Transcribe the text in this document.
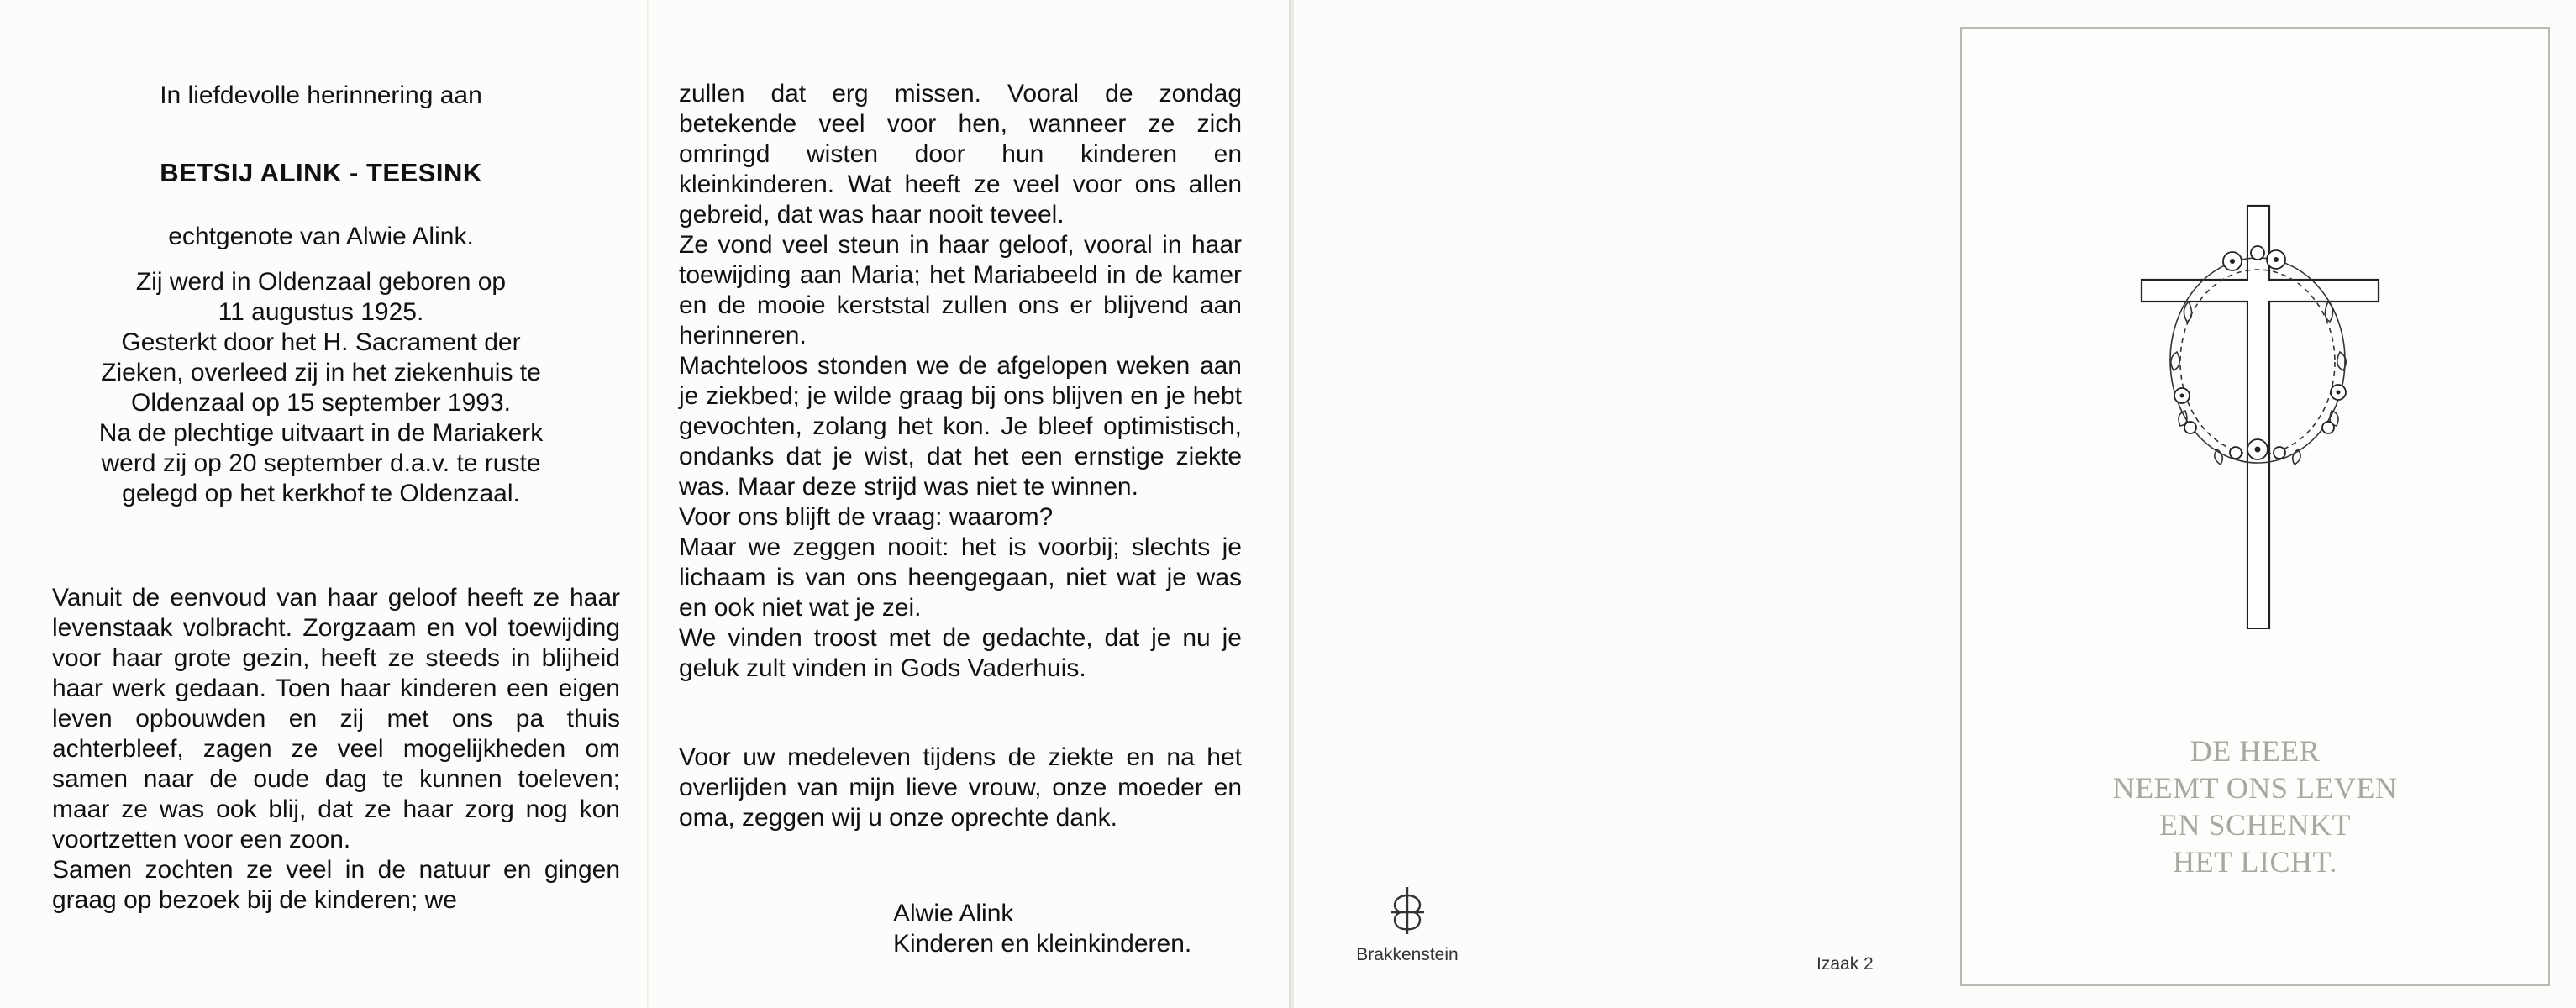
In liefdevolle herinnering aan

BETSIJ ALINK - TEESINK

echtgenote van Alwie Alink.

Zij werd in Oldenzaal geboren op

11 augustus 1925.

Gesterkt door het H. Sacrament der

Zieken, overleed zij in het ziekenhuis te

Oldenzaal op 15 september 1993.

Na de plechtige uitvaart in de Mariakerk

werd zij op 20 september d.a.v. te ruste

gelegd op het kerkhof te Oldenzaal.

Vanuit de eenvoud van haar geloof heeft ze haar levenstaak volbracht. Zorgzaam en vol toewijding voor haar grote gezin, heeft ze steeds in blijheid haar werk gedaan. Toen haar kinderen een eigen leven opbouwden en zij met ons pa thuis achterbleef, zagen ze veel mogelijkheden om samen naar de oude dag te kunnen toeleven; maar ze was ook blij, dat ze haar zorg nog kon voortzetten voor een zoon.

Samen zochten ze veel in de natuur en gingen graag op bezoek bij de kinderen; we

zullen dat erg missen. Vooral de zondag betekende veel voor hen, wanneer ze zich omringd wisten door hun kinderen en kleinkinderen. Wat heeft ze veel voor ons allen gebreid, dat was haar nooit teveel.

Ze vond veel steun in haar geloof, vooral in haar toewijding aan Maria; het Mariabeeld in de kamer en de mooie kerststal zullen ons er blijvend aan herinneren.

Machteloos stonden we de afgelopen weken aan je ziekbed; je wilde graag bij ons blijven en je hebt gevochten, zolang het kon. Je bleef optimistisch, ondanks dat je wist, dat het een ernstige ziekte was. Maar deze strijd was niet te winnen.

Voor ons blijft de vraag: waarom?

Maar we zeggen nooit: het is voorbij; slechts je lichaam is van ons heengegaan, niet wat je was en ook niet wat je zei.

We vinden troost met de gedachte, dat je nu je geluk zult vinden in Gods Vaderhuis.

Voor uw medeleven tijdens de ziekte en na het overlijden van mijn lieve vrouw, onze moeder en oma, zeggen wij u onze oprechte dank.

Alwie Alink
Kinderen en kleinkinderen.	Brakkenstein	Izaak 2
DE HEER
NEEMT ONS LEVEN
EN SCHENKT
HET LICHT.
